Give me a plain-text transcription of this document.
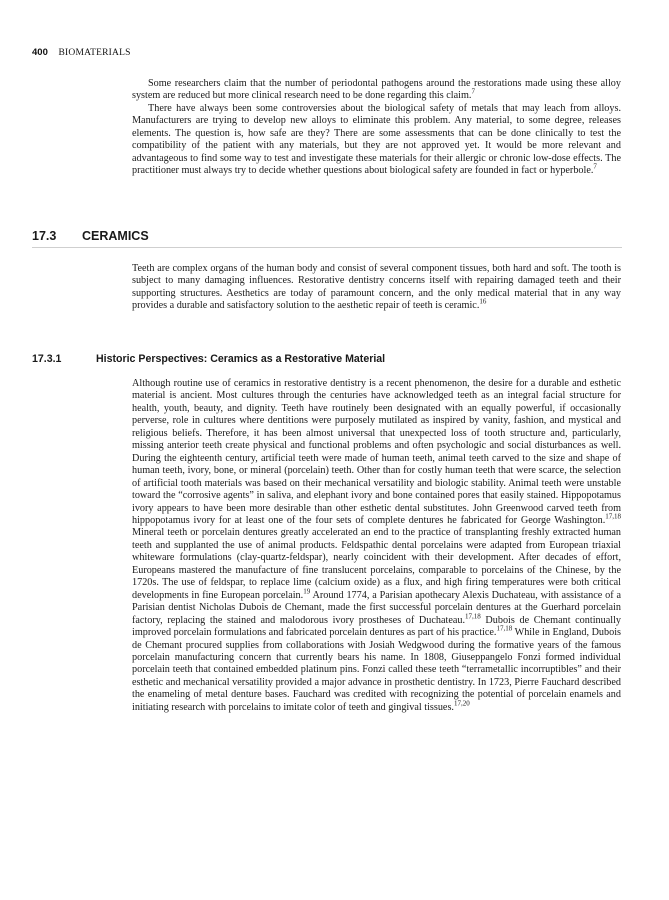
400 BIOMATERIALS

Some researchers claim that the number of periodontal pathogens around the restorations made using these alloy system are reduced but more clinical research need to be done regarding this claim.$^7$

There have always been some controversies about the biological safety of metals that may leach from alloys. Manufacturers are trying to develop new alloys to eliminate this problem. Any material, to some degree, releases elements. The question is, how safe are they? There are some assessments that can be done clinically to test the compatibility of the patient with any materials, but they are not approved yet. It would be more relevant and advantageous to find some way to test and investigate these materials for their allergic or chronic low-dose effects. The practitioner must always try to decide whether questions about biological safety are founded in fact or hyperbole.$^7$

17.3 CERAMICS

Teeth are complex organs of the human body and consist of several component tissues, both hard and soft. The tooth is subject to many damaging influences. Restorative dentistry concerns itself with repairing damaged teeth and their supporting structures. Aesthetics are today of paramount concern, and the only medical material that in any way provides a durable and satisfactory solution to the aesthetic repair of teeth is ceramic.$^{16}$

17.3.1	Historic Perspectives: Ceramics as a Restorative Material

Although routine use of ceramics in restorative dentistry is a recent phenomenon, the desire for a durable and esthetic material is ancient. Most cultures through the centuries have acknowledged teeth as an integral facial structure for health, youth, beauty, and dignity. Teeth have routinely been designated with an equally powerful, if occasionally perverse, role in cultures where dentitions were purposely mutilated as inspired by vanity, fashion, and mystical and religious beliefs. Therefore, it has been almost universal that unexpected loss of tooth structure and, particularly, missing anterior teeth create physical and functional problems and often psychologic and social disturbances as well. During the eighteenth century, artificial teeth were made of human teeth, animal teeth carved to the size and shape of human teeth, ivory, bone, or mineral (porcelain) teeth. Other than for costly human teeth that were scarce, the selection of artificial tooth materials was based on their mechanical versatility and biologic stability. Animal teeth were unstable toward the “corrosive agents” in saliva, and elephant ivory and bone contained pores that easily stained. Hippopotamus ivory appears to have been more desirable than other esthetic dental substitutes. John Greenwood carved teeth from hippopotamus ivory for at least one of the four sets of complete dentures he fabricated for George Washington.$^{17,18}$ Mineral teeth or porcelain dentures greatly accelerated an end to the practice of transplanting freshly extracted human teeth and supplanted the use of animal products. Feldspathic dental porcelains were adapted from European triaxial whiteware formulations (clay-quartz-feldspar), nearly coincident with their development. After decades of effort, Europeans mastered the manufacture of fine translucent porcelains, comparable to porcelains of the Chinese, by the 1720s. The use of feldspar, to replace lime (calcium oxide) as a flux, and high firing temperatures were both critical developments in fine European porcelain.$^{19}$ Around 1774, a Parisian apothecary Alexis Duchateau, with assistance of a Parisian dentist Nicholas Dubois de Chemant, made the first successful porcelain dentures at the Guerhard porcelain factory, replacing the stained and malodorous ivory prostheses of Duchateau.$^{17,18}$ Dubois de Chemant continually improved porcelain formulations and fabricated porcelain dentures as part of his practice.$^{17,18}$ While in England, Dubois de Chemant procured supplies from collaborations with Josiah Wedgwood during the formative years of the famous porcelain manufacturing concern that currently bears his name. In 1808, Giuseppangelo Fonzi formed individual porcelain teeth that contained embedded platinum pins. Fonzi called these teeth “terrametallic incorruptibles” and their esthetic and mechanical versatility provided a major advance in prosthetic dentistry. In 1723, Pierre Fauchard described the enameling of metal denture bases. Fauchard was credited with recognizing the potential of porcelain enamels and initiating research with porcelains to imitate color of teeth and gingival tissues.$^{17,20}$
